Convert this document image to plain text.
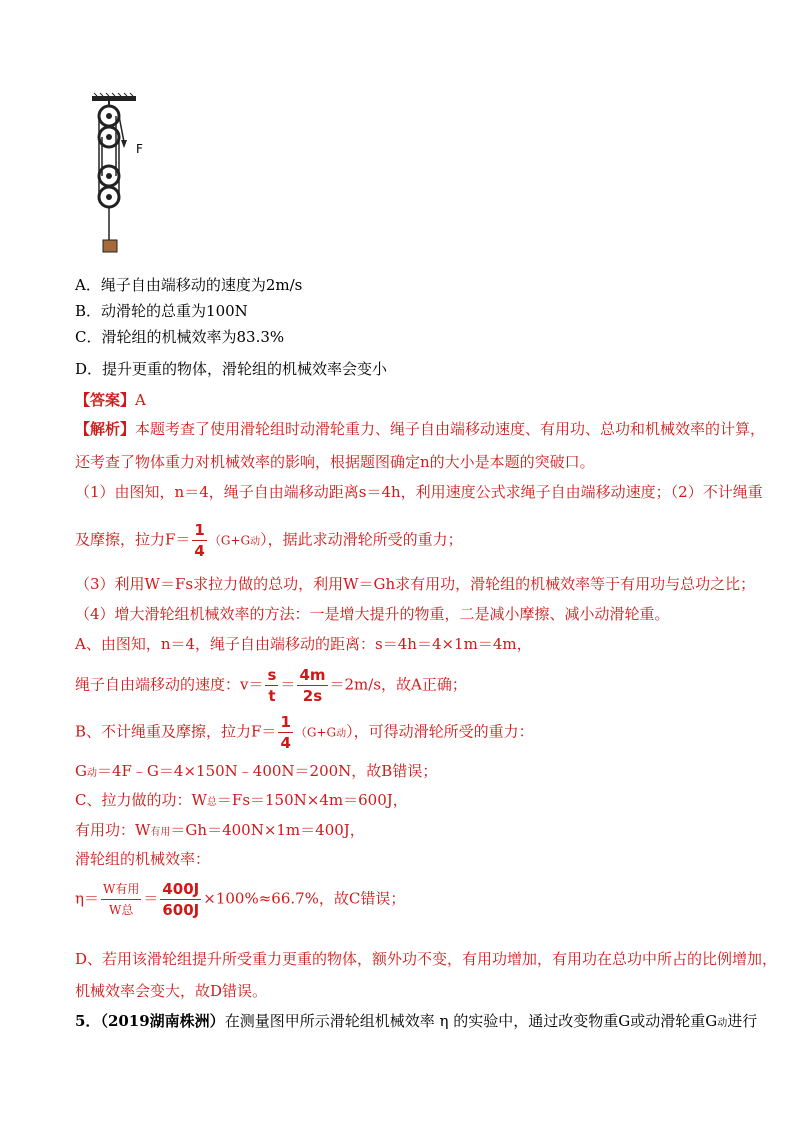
F
A．绳子自由端移动的速度为2m/s
B．动滑轮的总重为100N
C．滑轮组的机械效率为83.3%
D．提升更重的物体，滑轮组的机械效率会变小
【答案】A
【解析】本题考查了使用滑轮组时动滑轮重力、绳子自由端移动速度、有用功、总功和机械效率的计算，
还考查了物体重力对机械效率的影响，根据题图确定n的大小是本题的突破口。
（1）由图知，n＝4，绳子自由端移动距离s＝4h，利用速度公式求绳子自由端移动速度；（2）不计绳重
及摩擦，拉力$F= \frac{1}{4} (G+G$动），据此求动滑轮所受的重力；
（3）利用W＝Fs求拉力做的总功，利用W＝Gh求有用功，滑轮组的机械效率等于有用功与总功之比；
（4）增大滑轮组机械效率的方法：一是增大提升的物重，二是减小摩擦、减小动滑轮重。
A、由图知，n＝4，绳子自由端移动的距离：s＝4h＝4×1m＝4m，
绳子自由端移动的速度：$v= \frac{s}{t} = \frac{4m}{2s} =2m/s$，故A正确；
B、不计绳重及摩擦，拉力$F= \frac{1}{4} (G+G$动），可得动滑轮所受的重力：
G动＝4F﹣G＝4×150N﹣400N＝200N，故B错误；
C、拉力做的功：W总＝Fs＝150N×4m＝600J，
有用功：W有用＝Gh＝400N×1m＝400J，
滑轮组的机械效率：
$\eta= \frac{\text{W有用}}{\text{W总}} = \frac{400J}{600J} \times 100\%\approx 66.7\%$，故C错误；
D、若用该滑轮组提升所受重力更重的物体，额外功不变，有用功增加，有用功在总功中所占的比例增加，
机械效率会变大，故D错误。
5．（2019湖南株洲）在测量图甲所示滑轮组机械效率 η 的实验中，通过改变物重G或动滑轮重G动进行
